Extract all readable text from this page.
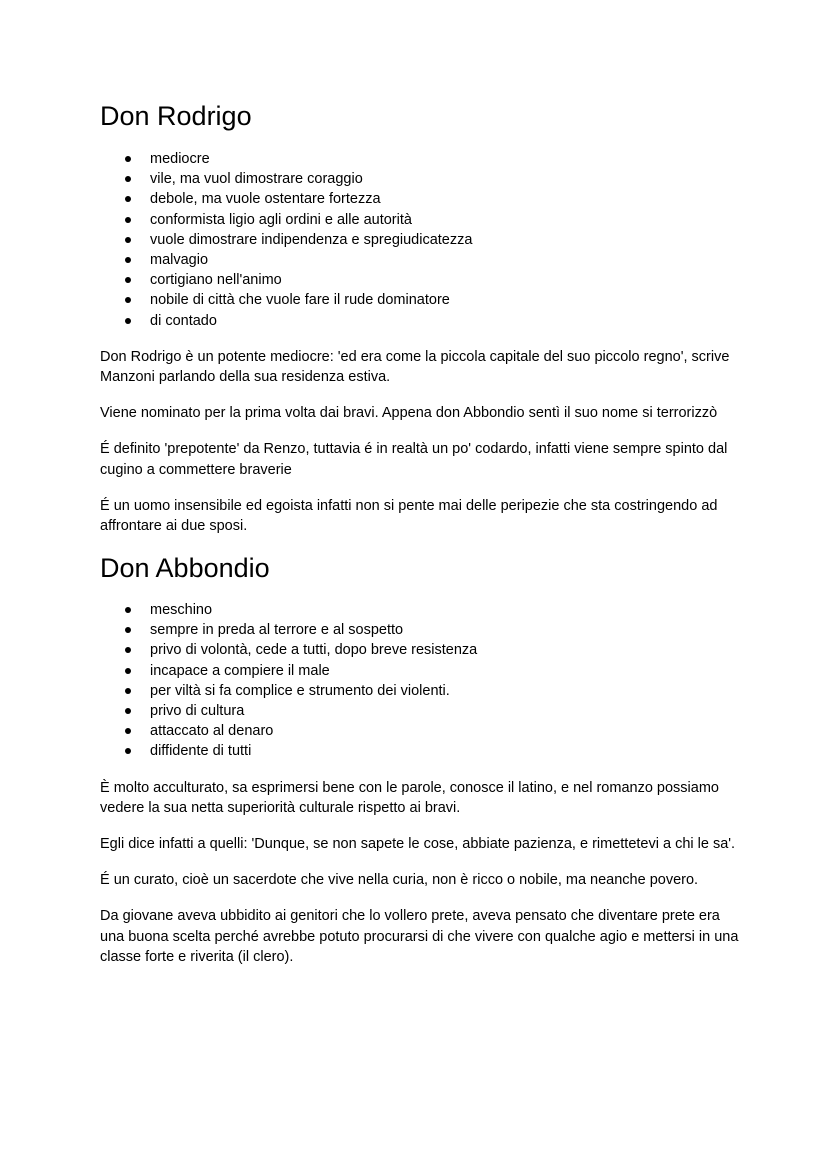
Don Rodrigo
mediocre
vile, ma vuol dimostrare coraggio
debole, ma vuole ostentare fortezza
conformista ligio agli ordini e alle autorità
vuole dimostrare indipendenza e spregiudicatezza
malvagio
cortigiano nell'animo
nobile di città che vuole fare il rude dominatore
di contado

Don Rodrigo è un potente mediocre: 'ed era come la piccola capitale del suo piccolo regno', scrive Manzoni parlando della sua residenza estiva.

Viene nominato per la prima volta dai bravi. Appena don Abbondio sentì il suo nome si terrorizzò

É definito 'prepotente' da Renzo, tuttavia é in realtà un po' codardo, infatti viene sempre spinto dal cugino a commettere braverie

É un uomo insensibile ed egoista infatti non si pente mai delle peripezie che sta costringendo ad affrontare ai due sposi.

Don Abbondio
meschino
sempre in preda al terrore e al sospetto
privo di volontà, cede a tutti, dopo breve resistenza
incapace a compiere il male
per viltà si fa complice e strumento dei violenti.
privo di cultura
attaccato al denaro
diffidente di tutti

È molto acculturato, sa esprimersi bene con le parole, conosce il latino, e nel romanzo possiamo vedere la sua netta superiorità culturale rispetto ai bravi.

Egli dice infatti a quelli: 'Dunque, se non sapete le cose, abbiate pazienza, e rimettetevi a chi le sa'.

É un curato, cioè un sacerdote che vive nella curia, non è ricco o nobile, ma neanche povero.

Da giovane aveva ubbidito ai genitori che lo vollero prete, aveva pensato che diventare prete era una buona scelta perché avrebbe potuto procurarsi di che vivere con qualche agio e mettersi in una classe forte e riverita (il clero).
